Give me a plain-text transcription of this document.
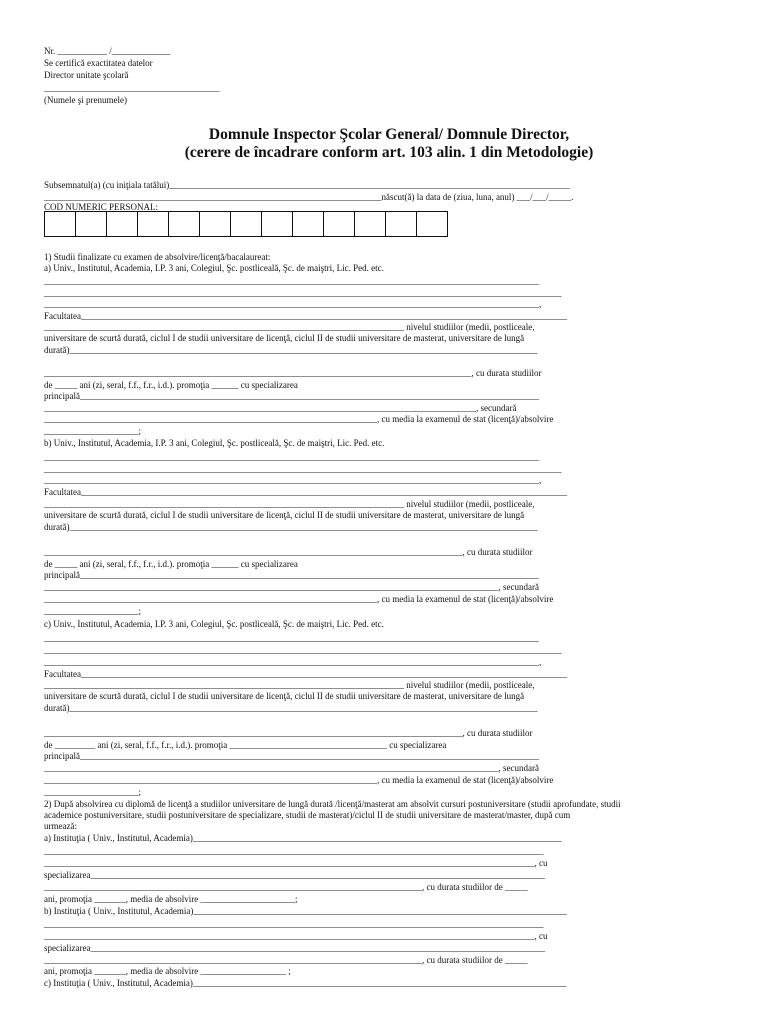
Nr. ___________ /_____________
Se certifică exactitatea datelor
Director unitate şcolară
_______________________________________
(Numele şi prenumele)
Domnule Inspector Şcolar General/ Domnule Director,
(cerere de încadrare conform art. 103 alin. 1 din Metodologie)
Subsemnatul(a) (cu iniţiala tatălui)_________________________________________________________________________________________
___________________________________________________________________________născut(ă) la data de (ziua, luna, anul) ___/___/_____.
COD NUMERIC PERSONAL:
1) Studii finalizate cu examen de absolvire/licenţă/bacalaureat:
a) Univ., Institutul, Academia, I.P. 3 ani, Colegiul, Şc. postliceală, Şc. de maiştri, Lic. Ped. etc.
______________________________________________________________________________________________________________
___________________________________________________________________________________________________________________
______________________________________________________________________________________________________________,
Facultatea____________________________________________________________________________________________________________
________________________________________________________________________________ nivelul studiilor (medii, postliceale,
universitare de scurtă durată, ciclul I de studii universitare de licenţă, ciclul II de studii universitare de masterat, universitare de lungă
durată)________________________________________________________________________________________________________
_______________________________________________________________________________________________, cu durata studiilor
de _____ ani (zi, seral, f.f., f.r., i.d.). promoţia ______ cu specializarea
principală______________________________________________________________________________________________________
________________________________________________________________________________________________, secundară
__________________________________________________________________________, cu media la examenul de stat (licenţă)/absolvire
_____________________;
b) Univ., Institutul, Academia, I.P. 3 ani, Colegiul, Şc. postliceală, Şc. de maiştri, Lic. Ped. etc.
______________________________________________________________________________________________________________
___________________________________________________________________________________________________________________
______________________________________________________________________________________________________________,
Facultatea____________________________________________________________________________________________________________
________________________________________________________________________________ nivelul studiilor (medii, postliceale,
universitare de scurtă durată, ciclul I de studii universitare de licenţă, ciclul II de studii universitare de masterat, universitare de lungă
durată)________________________________________________________________________________________________________
_____________________________________________________________________________________________, cu durata studiilor
de _____ ani (zi, seral, f.f., f.r., i.d.). promoţia ______ cu specializarea
principală______________________________________________________________________________________________________
_____________________________________________________________________________________________________, secundară
__________________________________________________________________________, cu media la examenul de stat (licenţă)/absolvire
_____________________;
c) Univ., Institutul, Academia, I.P. 3 ani, Colegiul, Şc. postliceală, Şc. de maiştri, Lic. Ped. etc.
______________________________________________________________________________________________________________
___________________________________________________________________________________________________________________
______________________________________________________________________________________________________________,
Facultatea____________________________________________________________________________________________________________
________________________________________________________________________________ nivelul studiilor (medii, postliceale,
universitare de scurtă durată, ciclul I de studii universitare de licenţă, ciclul II de studii universitare de masterat, universitare de lungă
durată)________________________________________________________________________________________________________
_____________________________________________________________________________________________, cu durata studiilor
de _________ ani (zi, seral, f.f., f.r., i.d.). promoţia ___________________________________ cu specializarea
principală______________________________________________________________________________________________________
_____________________________________________________________________________________________________, secundară
__________________________________________________________________________, cu media la examenul de stat (licenţă)/absolvire
_____________________;
2) După absolvirea cu diplomă de licenţă a studiilor universitare de lungă durată /licenţă/masterat am absolvit cursuri postuniversitare (studii aprofundate, studii
academice postuniversitare, studii postuniversitare de specializare, studii de masterat)/ciclul II de studii universitare de masterat/master, după cum
urmează:
a) Instituţia ( Univ., Institutul, Academia)__________________________________________________________________________________
_______________________________________________________________________________________________________________
_____________________________________________________________________________________________________________, cu
specializarea_____________________________________________________________________________________________________
____________________________________________________________________________________, cu durata studiilor de _____
ani, promoţia _______, media de absolvire _____________________;
b) Instituţia ( Univ., Institutul, Academia)___________________________________________________________________________________
_______________________________________________________________________________________________________________
_____________________________________________________________________________________________________________, cu
specializarea_____________________________________________________________________________________________________
____________________________________________________________________________________, cu durata studiilor de _____
ani, promoţia _______, media de absolvire ___________________ ;
c) Instituţia ( Univ., Institutul, Academia)___________________________________________________________________________________
